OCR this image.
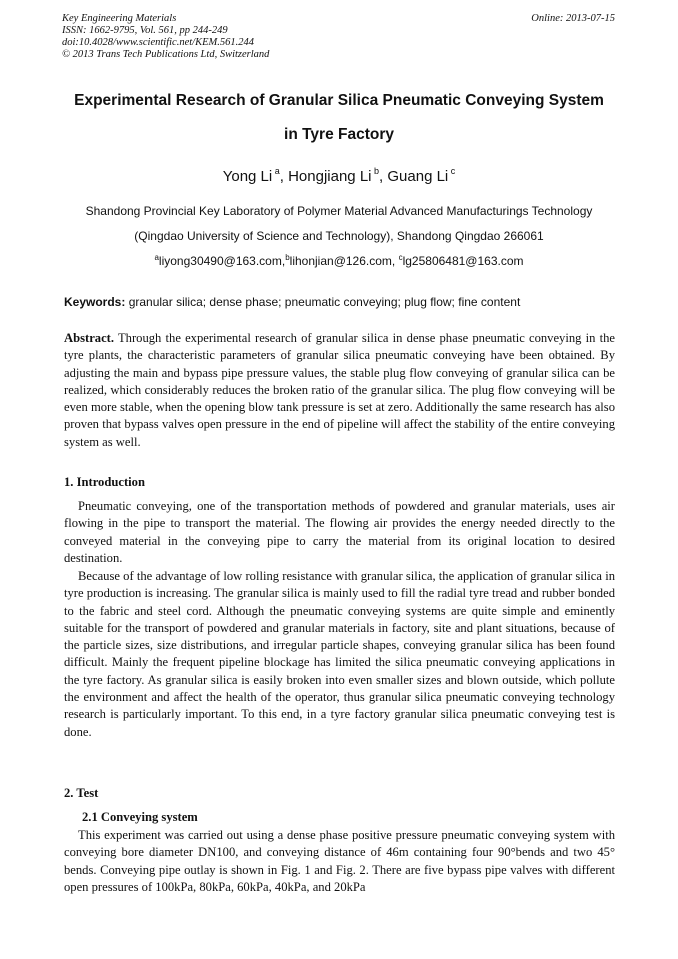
Key Engineering Materials
ISSN: 1662-9795, Vol. 561, pp 244-249
doi:10.4028/www.scientific.net/KEM.561.244
© 2013 Trans Tech Publications Ltd, Switzerland
Online: 2013-07-15
Experimental Research of Granular Silica Pneumatic Conveying System
in Tyre Factory
Yong Li $^a$, Hongjiang Li $^b$, Guang Li $^c$
Shandong Provincial Key Laboratory of Polymer Material Advanced Manufacturings Technology
(Qingdao University of Science and Technology), Shandong Qingdao 266061
$^a$liyong30490@163.com,$^b$lihonjian@126.com, $^c$lg25806481@163.com
Keywords: granular silica; dense phase; pneumatic conveying; plug flow; fine content
Abstract. Through the experimental research of granular silica in dense phase pneumatic conveying in the tyre plants, the characteristic parameters of granular silica pneumatic conveying have been obtained. By adjusting the main and bypass pipe pressure values, the stable plug flow conveying of granular silica can be realized, which considerably reduces the broken ratio of the granular silica. The plug flow conveying will be even more stable, when the opening blow tank pressure is set at zero. Additionally the same research has also proven that bypass valves open pressure in the end of pipeline will affect the stability of the entire conveying system as well.
1. Introduction
Pneumatic conveying, one of the transportation methods of powdered and granular materials, uses air flowing in the pipe to transport the material. The flowing air provides the energy needed directly to the conveyed material in the conveying pipe to carry the material from its original location to desired destination.
Because of the advantage of low rolling resistance with granular silica, the application of granular silica in tyre production is increasing. The granular silica is mainly used to fill the radial tyre tread and rubber bonded to the fabric and steel cord. Although the pneumatic conveying systems are quite simple and eminently suitable for the transport of powdered and granular materials in factory, site and plant situations, because of the particle sizes, size distributions, and irregular particle shapes, conveying granular silica has been found difficult. Mainly the frequent pipeline blockage has limited the silica pneumatic conveying applications in the tyre factory. As granular silica is easily broken into even smaller sizes and blown outside, which pollute the environment and affect the health of the operator, thus granular silica pneumatic conveying technology research is particularly important. To this end, in a tyre factory granular silica pneumatic conveying test is done.
2. Test
2.1 Conveying system
This experiment was carried out using a dense phase positive pressure pneumatic conveying system with conveying bore diameter DN100, and conveying distance of 46m containing four 90°bends and two 45° bends. Conveying pipe outlay is shown in Fig. 1 and Fig. 2. There are five bypass pipe valves with different open pressures of 100kPa, 80kPa, 60kPa, 40kPa, and 20kPa
